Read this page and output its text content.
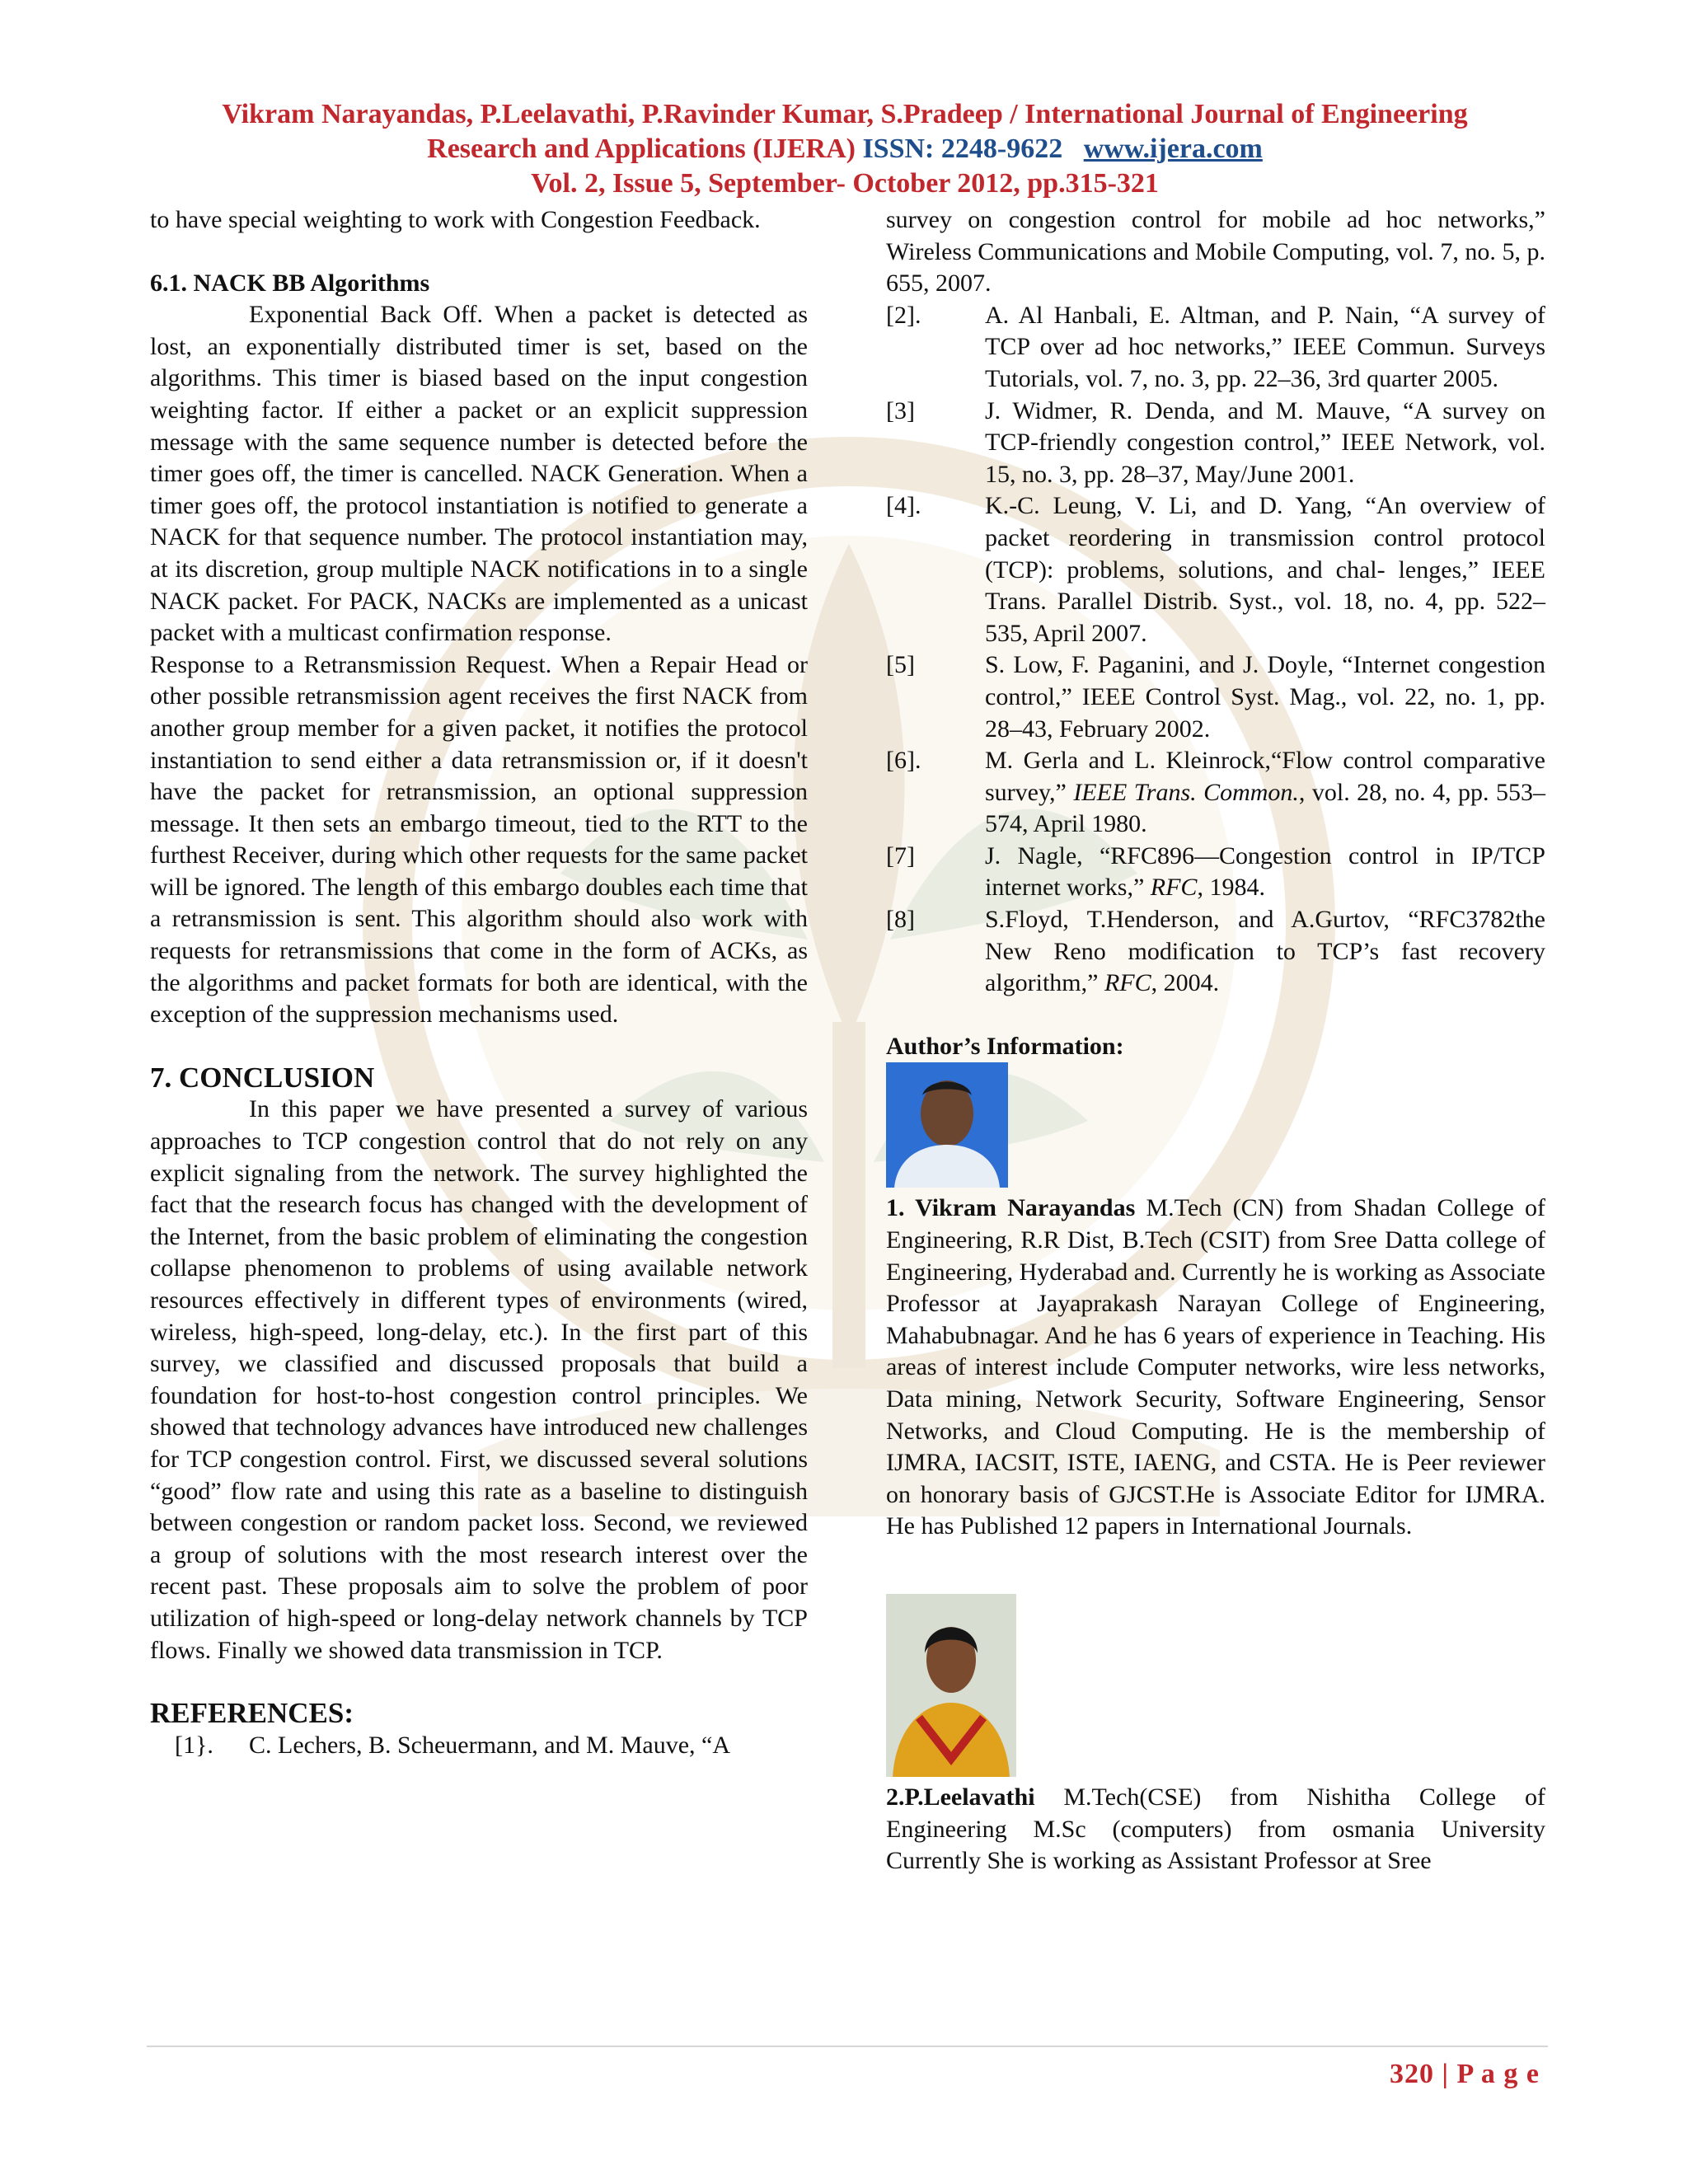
Vikram Narayandas, P.Leelavathi, P.Ravinder Kumar, S.Pradeep / International Journal of Engineering
Research and Applications (IJERA) ISSN: 2248-9622 www.ijera.com
Vol. 2, Issue 5, September- October 2012, pp.315-321

to have special weighting to work with Congestion Feedback.

6.1. NACK BB Algorithms

Exponential Back Off. When a packet is detected as lost, an exponentially distributed timer is set, based on the algorithms. This timer is biased based on the input congestion weighting factor. If either a packet or an explicit suppression message with the same sequence number is detected before the timer goes off, the timer is cancelled. NACK Generation. When a timer goes off, the protocol instantiation is notified to generate a NACK for that sequence number. The protocol instantiation may, at its discretion, group multiple NACK notifications in to a single NACK packet. For PACK, NACKs are implemented as a unicast packet with a multicast confirmation response.

Response to a Retransmission Request. When a Repair Head or other possible retransmission agent receives the first NACK from another group member for a given packet, it notifies the protocol instantiation to send either a data retransmission or, if it doesn't have the packet for retransmission, an optional suppression message. It then sets an embargo timeout, tied to the RTT to the furthest Receiver, during which other requests for the same packet will be ignored. The length of this embargo doubles each time that a retransmission is sent. This algorithm should also work with requests for retransmissions that come in the form of ACKs, as the algorithms and packet formats for both are identical, with the exception of the suppression mechanisms used.

7. CONCLUSION

In this paper we have presented a survey of various approaches to TCP congestion control that do not rely on any explicit signaling from the network. The survey highlighted the fact that the research focus has changed with the development of the Internet, from the basic problem of eliminating the congestion collapse phenomenon to problems of using available network resources effectively in different types of environments (wired, wireless, high-speed, long-delay, etc.). In the first part of this survey, we classified and discussed proposals that build a foundation for host-to-host congestion control principles. We showed that technology advances have introduced new challenges for TCP congestion control. First, we discussed several solutions “good” flow rate and using this rate as a baseline to distinguish between congestion or random packet loss. Second, we reviewed a group of solutions with the most research interest over the recent past. These proposals aim to solve the problem of poor utilization of high-speed or long-delay network channels by TCP flows. Finally we showed data transmission in TCP.

REFERENCES:

[1}.	C. Lechers, B. Scheuermann, and M. Mauve, “A

survey on congestion control for mobile ad hoc networks,” Wireless Communications and Mobile Computing, vol. 7, no. 5, p. 655, 2007.

[2].	A. Al Hanbali, E. Altman, and P. Nain, “A survey of TCP over ad hoc networks,” IEEE Commun. Surveys Tutorials, vol. 7, no. 3, pp. 22–36, 3rd quarter 2005.
[3]	J. Widmer, R. Denda, and M. Mauve, “A survey on TCP-friendly congestion control,” IEEE Network, vol. 15, no. 3, pp. 28–37, May/June 2001.
[4].	K.-C. Leung, V. Li, and D. Yang, “An overview of packet reordering in transmission control protocol (TCP): problems, solutions, and chal- lenges,” IEEE Trans. Parallel Distrib. Syst., vol. 18, no. 4, pp. 522–535, April 2007.
[5]	S. Low, F. Paganini, and J. Doyle, “Internet congestion control,” IEEE Control Syst. Mag., vol. 22, no. 1, pp. 28–43, February 2002.
[6].	M. Gerla and L. Kleinrock,“Flow control comparative survey,” IEEE Trans. Common., vol. 28, no. 4, pp. 553–574, April 1980.
[7]	J. Nagle, “RFC896—Congestion control in IP/TCP internet works,” RFC, 1984.
[8]	S.Floyd, T.Henderson, and A.Gurtov, “RFC3782the New Reno modification to TCP’s fast recovery algorithm,” RFC, 2004.

Author’s Information:

1. Vikram Narayandas M.Tech (CN) from Shadan College of Engineering, R.R Dist, B.Tech (CSIT) from Sree Datta college of Engineering, Hyderabad and. Currently he is working as Associate Professor at Jayaprakash Narayan College of Engineering, Mahabubnagar. And he has 6 years of experience in Teaching. His areas of interest include Computer networks, wire less networks, Data mining, Network Security, Software Engineering, Sensor Networks, and Cloud Computing. He is the membership of IJMRA, IACSIT, ISTE, IAENG, and CSTA. He is Peer reviewer on honorary basis of GJCST.He is Associate Editor for IJMRA. He has Published 12 papers in International Journals.

2.P.Leelavathi M.Tech(CSE) from Nishitha College of Engineering M.Sc (computers) from osmania University Currently She is working as Assistant Professor at Sree

320 | P a g e
